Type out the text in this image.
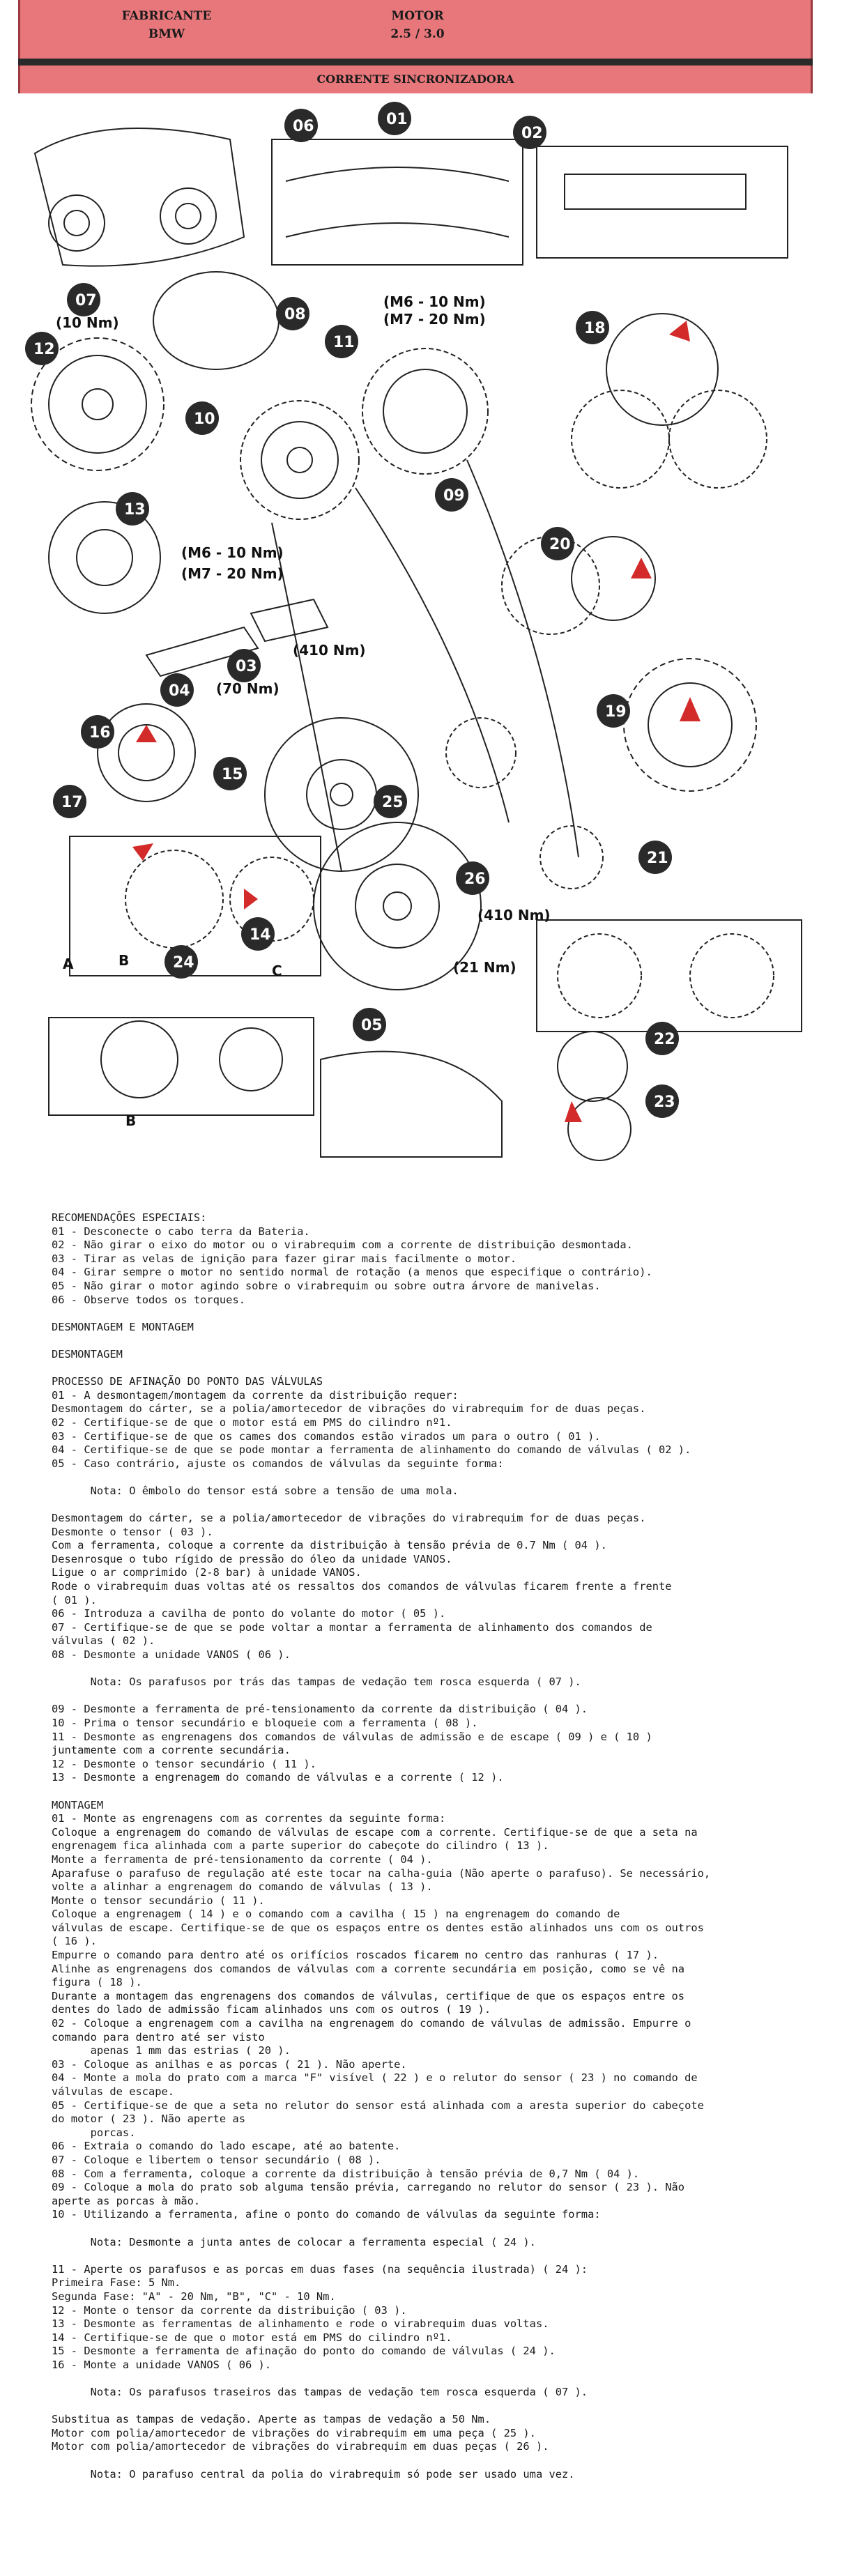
FABRICANTE
BMW
MOTOR
2.5 / 3.0
CORRENTE SINCRONIZADORA
06	01
02
07
08
18
12	11
10
09
13
20
04
03
19
16
15
25
17
26
21
14
24
05
22
23
(10 Nm)
(M6 - 10 Nm)
(M7 - 20 Nm)
(M6 - 10 Nm)
(M7 - 20 Nm)
(70 Nm)
(410 Nm)
(410 Nm)
(21 Nm)
A	B
B
C
RECOMENDAÇÕES ESPECIAIS:
01 - Desconecte o cabo terra da Bateria.
02 - Não girar o eixo do motor ou o virabrequim com a corrente de distribuição desmontada.
03 - Tirar as velas de ignição para fazer girar mais facilmente o motor.
04 - Girar sempre o motor no sentido normal de rotação (a menos que especifique o contrário).
05 - Não girar o motor agindo sobre o virabrequim ou sobre outra árvore de manivelas.
06 - Observe todos os torques.
DESMONTAGEM E MONTAGEM
DESMONTAGEM
PROCESSO DE AFINAÇÃO DO PONTO DAS VÁLVULAS
01 - A desmontagem/montagem da corrente da distribuição requer:
Desmontagem do cárter, se a polia/amortecedor de vibrações do virabrequim for de duas peças.
02 - Certifique-se de que o motor está em PMS do cilindro nº1.
03 - Certifique-se de que os cames dos comandos estão virados um para o outro ( 01 ).
04 - Certifique-se de que se pode montar a ferramenta de alinhamento do comando de válvulas ( 02 ).
05 - Caso contrário, ajuste os comandos de válvulas da seguinte forma:
Nota: O êmbolo do tensor está sobre a tensão de uma mola.
Desmontagem do cárter, se a polia/amortecedor de vibrações do virabrequim for de duas peças.
Desmonte o tensor ( 03 ).
Com a ferramenta, coloque a corrente da distribuição à tensão prévia de 0.7 Nm ( 04 ).
Desenrosque o tubo rígido de pressão do óleo da unidade VANOS.
Ligue o ar comprimido (2-8 bar) à unidade VANOS.
Rode o virabrequim duas voltas até os ressaltos dos comandos de válvulas ficarem frente a frente
( 01 ).
06 - Introduza a cavilha de ponto do volante do motor ( 05 ).
07 - Certifique-se de que se pode voltar a montar a ferramenta de alinhamento dos comandos de
válvulas ( 02 ).
08 - Desmonte a unidade VANOS ( 06 ).
Nota: Os parafusos por trás das tampas de vedação tem rosca esquerda ( 07 ).
09 - Desmonte a ferramenta de pré-tensionamento da corrente da distribuição ( 04 ).
10 - Prima o tensor secundário e bloqueie com a ferramenta ( 08 ).
11 - Desmonte as engrenagens dos comandos de válvulas de admissão e de escape ( 09 ) e ( 10 )
juntamente com a corrente secundária.
12 - Desmonte o tensor secundário ( 11 ).
13 - Desmonte a engrenagem do comando de válvulas e a corrente ( 12 ).
MONTAGEM
01 - Monte as engrenagens com as correntes da seguinte forma:
Coloque a engrenagem do comando de válvulas de escape com a corrente. Certifique-se de que a seta na
engrenagem fica alinhada com a parte superior do cabeçote do cilindro ( 13 ).
Monte a ferramenta de pré-tensionamento da corrente ( 04 ).
Aparafuse o parafuso de regulação até este tocar na calha-guia (Não aperte o parafuso). Se necessário,
volte a alinhar a engrenagem do comando de válvulas ( 13 ).
Monte o tensor secundário ( 11 ).
Coloque a engrenagem ( 14 ) e o comando com a cavilha ( 15 ) na engrenagem do comando de
válvulas de escape. Certifique-se de que os espaços entre os dentes estão alinhados uns com os outros
( 16 ).
Empurre o comando para dentro até os orifícios roscados ficarem no centro das ranhuras ( 17 ).
Alinhe as engrenagens dos comandos de válvulas com a corrente secundária em posição, como se vê na
figura ( 18 ).
Durante a montagem das engrenagens dos comandos de válvulas, certifique de que os espaços entre os
dentes do lado de admissão ficam alinhados uns com os outros ( 19 ).
02 - Coloque a engrenagem com a cavilha na engrenagem do comando de válvulas de admissão. Empurre o
comando para dentro até ser visto
apenas 1 mm das estrias ( 20 ).
03 - Coloque as anilhas e as porcas ( 21 ). Não aperte.
04 - Monte a mola do prato com a marca "F" visível ( 22 ) e o relutor do sensor ( 23 ) no comando de
válvulas de escape.
05 - Certifique-se de que a seta no relutor do sensor está alinhada com a aresta superior do cabeçote
do motor ( 23 ). Não aperte as
porcas.
06 - Extraia o comando do lado escape, até ao batente.
07 - Coloque e libertem o tensor secundário ( 08 ).
08 - Com a ferramenta, coloque a corrente da distribuição à tensão prévia de 0,7 Nm ( 04 ).
09 - Coloque a mola do prato sob alguma tensão prévia, carregando no relutor do sensor ( 23 ). Não
aperte as porcas à mão.
10 - Utilizando a ferramenta, afine o ponto do comando de válvulas da seguinte forma:
Nota: Desmonte a junta antes de colocar a ferramenta especial ( 24 ).
11 - Aperte os parafusos e as porcas em duas fases (na sequência ilustrada) ( 24 ):
Primeira Fase: 5 Nm.
Segunda Fase: "A" - 20 Nm, "B", "C" - 10 Nm.
12 - Monte o tensor da corrente da distribuição ( 03 ).
13 - Desmonte as ferramentas de alinhamento e rode o virabrequim duas voltas.
14 - Certifique-se de que o motor está em PMS do cilindro nº1.
15 - Desmonte a ferramenta de afinação do ponto do comando de válvulas ( 24 ).
16 - Monte a unidade VANOS ( 06 ).
Nota: Os parafusos traseiros das tampas de vedação tem rosca esquerda ( 07 ).
Substitua as tampas de vedação. Aperte as tampas de vedação a 50 Nm.
Motor com polia/amortecedor de vibrações do virabrequim em uma peça ( 25 ).
Motor com polia/amortecedor de vibrações do virabrequim em duas peças ( 26 ).
Nota: O parafuso central da polia do virabrequim só pode ser usado uma vez.
